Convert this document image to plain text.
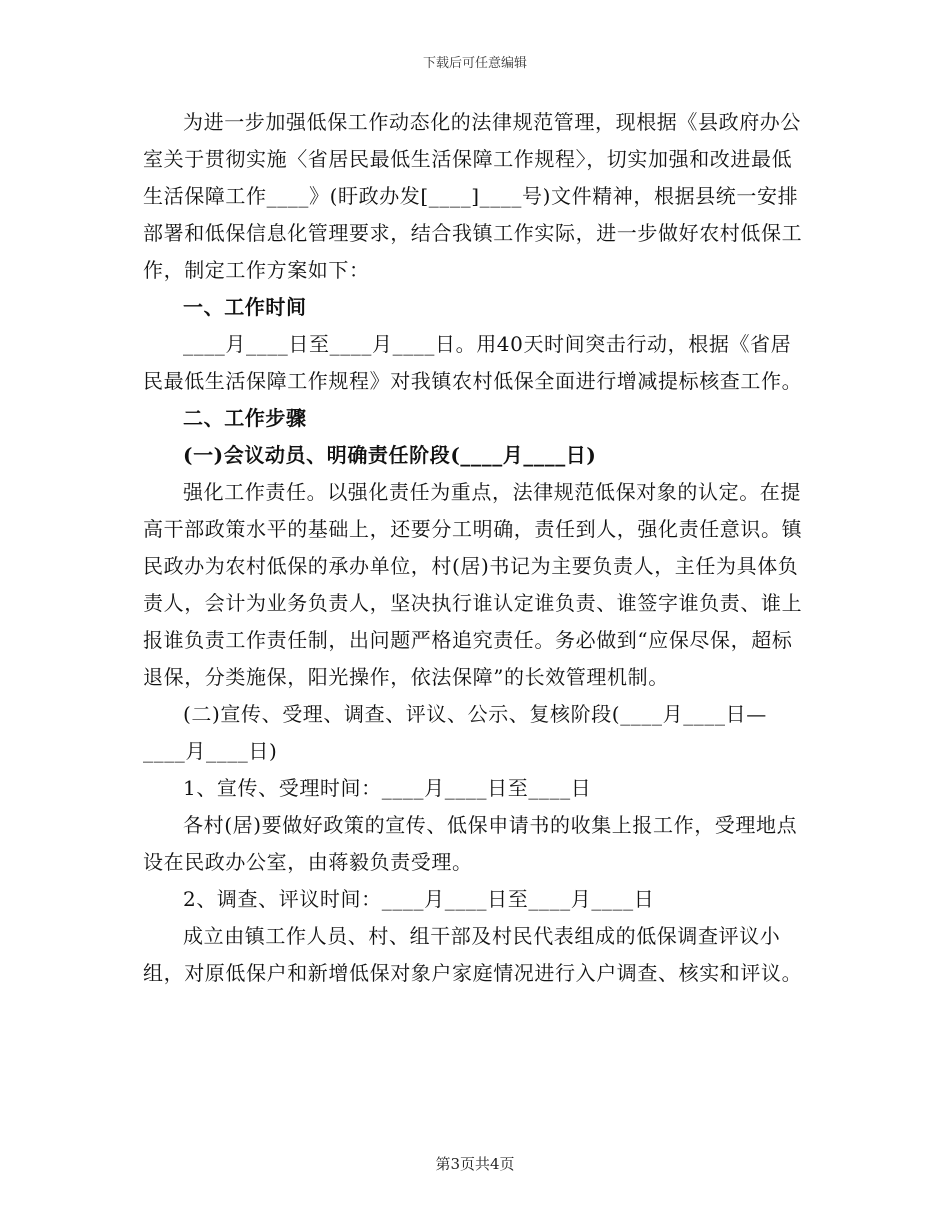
下载后可任意编辑

为进一步加强低保工作动态化的法律规范管理，现根据《县政府办公室关于贯彻实施〈省居民最低生活保障工作规程〉，切实加强和改进最低生活保障工作____》(盱政办发[____]____号)文件精神，根据县统一安排部署和低保信息化管理要求，结合我镇工作实际，进一步做好农村低保工作，制定工作方案如下：

一、工作时间

____月____日至____月____日。用40天时间突击行动，根据《省居民最低生活保障工作规程》对我镇农村低保全面进行增减提标核查工作。

二、工作步骤

(一)会议动员、明确责任阶段(____月____日)

强化工作责任。以强化责任为重点，法律规范低保对象的认定。在提高干部政策水平的基础上，还要分工明确，责任到人，强化责任意识。镇民政办为农村低保的承办单位，村(居)书记为主要负责人，主任为具体负责人，会计为业务负责人，坚决执行谁认定谁负责、谁签字谁负责、谁上报谁负责工作责任制，出问题严格追究责任。务必做到“应保尽保，超标退保，分类施保，阳光操作，依法保障”的长效管理机制。

(二)宣传、受理、调查、评议、公示、复核阶段(____月____日—____月____日)

1、宣传、受理时间：____月____日至____日

各村(居)要做好政策的宣传、低保申请书的收集上报工作，受理地点设在民政办公室，由蒋毅负责受理。

2、调查、评议时间：____月____日至____月____日

成立由镇工作人员、村、组干部及村民代表组成的低保调查评议小组，对原低保户和新增低保对象户家庭情况进行入户调查、核实和评议。

第3页共4页
